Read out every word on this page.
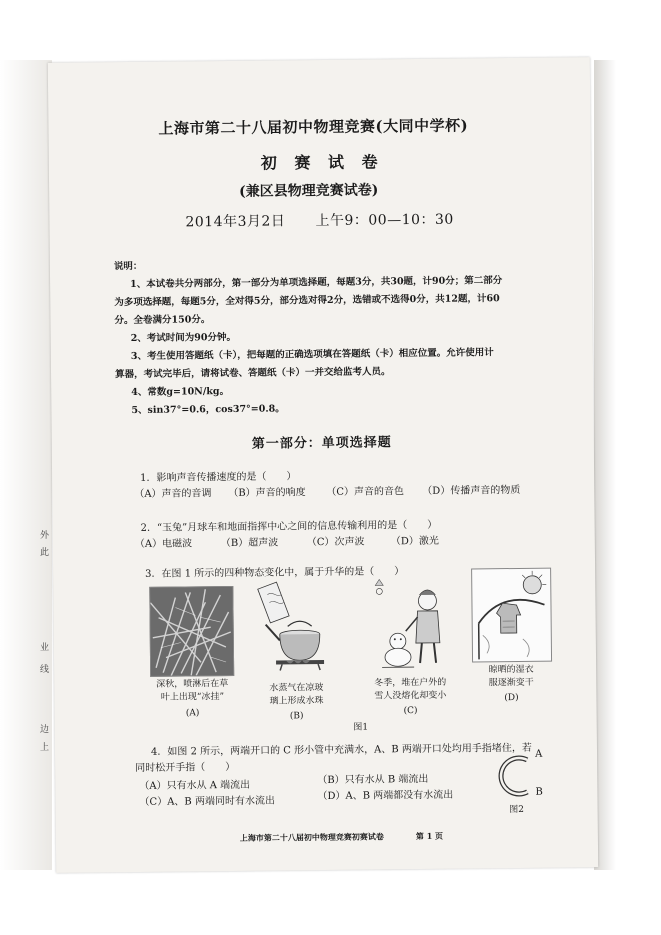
外
此
业
线
边
上
上海市第二十八届初中物理竞赛(大同中学杯)
初 赛 试 卷
(兼区县物理竞赛试卷)
2014年3月2日 上午9：00—10：30
说明：
1、本试卷共分两部分，第一部分为单项选择题，每题3分，共30题，计90分；第二部分
为多项选择题，每题5分，全对得5分，部分选对得2分，选错或不选得0分，共12题，计60
分。全卷满分150分。
2、考试时间为90分钟。
3、考生使用答题纸（卡），把每题的正确选项填在答题纸（卡）相应位置。允许使用计
算器，考试完毕后，请将试卷、答题纸（卡）一并交给监考人员。
4、常数g=10N/kg。
5、sin37°=0.6，cos37°=0.8。
第一部分：单项选择题
1．影响声音传播速度的是（　　）
（A）声音的音调 （B）声音的响度 （C）声音的音色 （D）传播声音的物质
2．“玉兔”月球车和地面指挥中心之间的信息传输利用的是（　　）
（A）电磁波	（B）超声波	（C）次声波	（D）激光
3．在图 1 所示的四种物态变化中，属于升华的是（　　）
深秋，喷淋后在草
叶上出现“冰挂”
(A)
水蒸气在凉玻
璃上形成水珠
(B)
冬季，堆在户外的
雪人没熔化却变小
(C)
晾晒的湿衣
服逐渐变干
(D)
图1
4．如图 2 所示，两端开口的 C 形小管中充满水，A、B 两端开口处均用手指堵住，若
同时松开手指（　　）
（A）只有水从 A 端流出	（B）只有水从 B 端流出
（C）A、B 两端同时有水流出	（D）A、B 两端都没有水流出
A
B
图2
上海市第二十八届初中物理竞赛初赛试卷	第 1 页
